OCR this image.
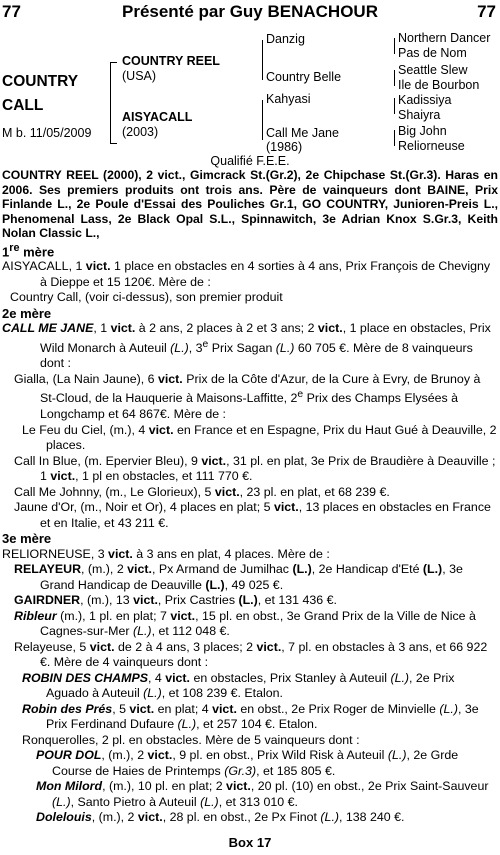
77	Présenté par Guy BENACHOUR	77
COUNTRY
CALL
M b. 11/05/2009
COUNTRY REEL
(USA)
AISYACALL
(2003)
Danzig
Country Belle
Kahyasi
Call Me Jane
(1986)
Northern Dancer
Pas de Nom
Seattle Slew
Ile de Bourbon
Kadissiya
Shaiyra
Big John
Reliorneuse
Qualifié F.E.E.

COUNTRY REEL (2000), 2 vict., Gimcrack St.(Gr.2), 2e Chipchase St.(Gr.3). Haras en 2006. Ses premiers produits ont trois ans. Père de vainqueurs dont BAINE, Prix Finlande L., 2e Poule d'Essai des Pouliches Gr.1, GO COUNTRY, Junioren-Preis L., Phenomenal Lass, 2e Black Opal S.L., Spinnawitch, 3e Adrian Knox S.Gr.3, Keith Nolan Classic L.,

1re mère

AISYACALL, 1 vict. 1 place en obstacles en 4 sorties à 4 ans, Prix François de Chevigny à Dieppe et 15 120€. Mère de :

Country Call, (voir ci-dessus), son premier produit

2e mère

CALL ME JANE, 1 vict. à 2 ans, 2 places à 2 et 3 ans; 2 vict., 1 place en obstacles, Prix Wild Monarch à Auteuil (L.), 3e Prix Sagan (L.) 60 705 €. Mère de 8 vainqueurs dont :

Gialla, (La Nain Jaune), 6 vict. Prix de la Côte d'Azur, de la Cure à Evry, de Brunoy à St-Cloud, de la Hauquerie à Maisons-Laffitte, 2e Prix des Champs Elysées à Longchamp et 64 867€. Mère de :

Le Feu du Ciel, (m.), 4 vict. en France et en Espagne, Prix du Haut Gué à Deauville, 2 places.

Call In Blue, (m. Epervier Bleu), 9 vict., 31 pl. en plat, 3e Prix de Braudière à Deauville ; 1 vict., 1 pl en obstacles, et 111 770 €.

Call Me Johnny, (m., Le Glorieux), 5 vict., 23 pl. en plat, et 68 239 €.

Jaune d'Or, (m., Noir et Or), 4 places en plat; 5 vict., 13 places en obstacles en France et en Italie, et 43 211 €.

3e mère

RELIORNEUSE, 3 vict. à 3 ans en plat, 4 places. Mère de :

RELAYEUR, (m.), 2 vict., Px Armand de Jumilhac (L.), 2e Handicap d'Eté (L.), 3e Grand Handicap de Deauville (L.), 49 025 €.

GAIRDNER, (m.), 13 vict., Prix Castries (L.), et 131 436 €.

Ribleur (m.), 1 pl. en plat; 7 vict., 15 pl. en obst., 3e Grand Prix de la Ville de Nice à Cagnes-sur-Mer (L.), et 112 048 €.

Relayeuse, 5 vict. de 2 à 4 ans, 3 places; 2 vict., 7 pl. en obstacles à 3 ans, et 66 922 €. Mère de 4 vainqueurs dont :

ROBIN DES CHAMPS, 4 vict. en obstacles, Prix Stanley à Auteuil (L.), 2e Prix Aguado à Auteuil (L.), et 108 239 €. Etalon.

Robin des Prés, 5 vict. en plat; 4 vict. en obst., 2e Prix Roger de Minvielle (L.), 3e Prix Ferdinand Dufaure (L.), et 257 104 €. Etalon.

Ronquerolles, 2 pl. en obstacles. Mère de 5 vainqueurs dont :

POUR DOL, (m.), 2 vict., 9 pl. en obst., Prix Wild Risk à Auteuil (L.), 2e Grde Course de Haies de Printemps (Gr.3), et 185 805 €.

Mon Milord, (m.), 10 pl. en plat; 2 vict., 20 pl. (10) en obst., 2e Prix Saint-Sauveur (L.), Santo Pietro à Auteuil (L.), et 313 010 €.

Dolelouis, (m.), 2 vict., 28 pl. en obst., 2e Px Finot (L.), 138 240 €.

Box 17
